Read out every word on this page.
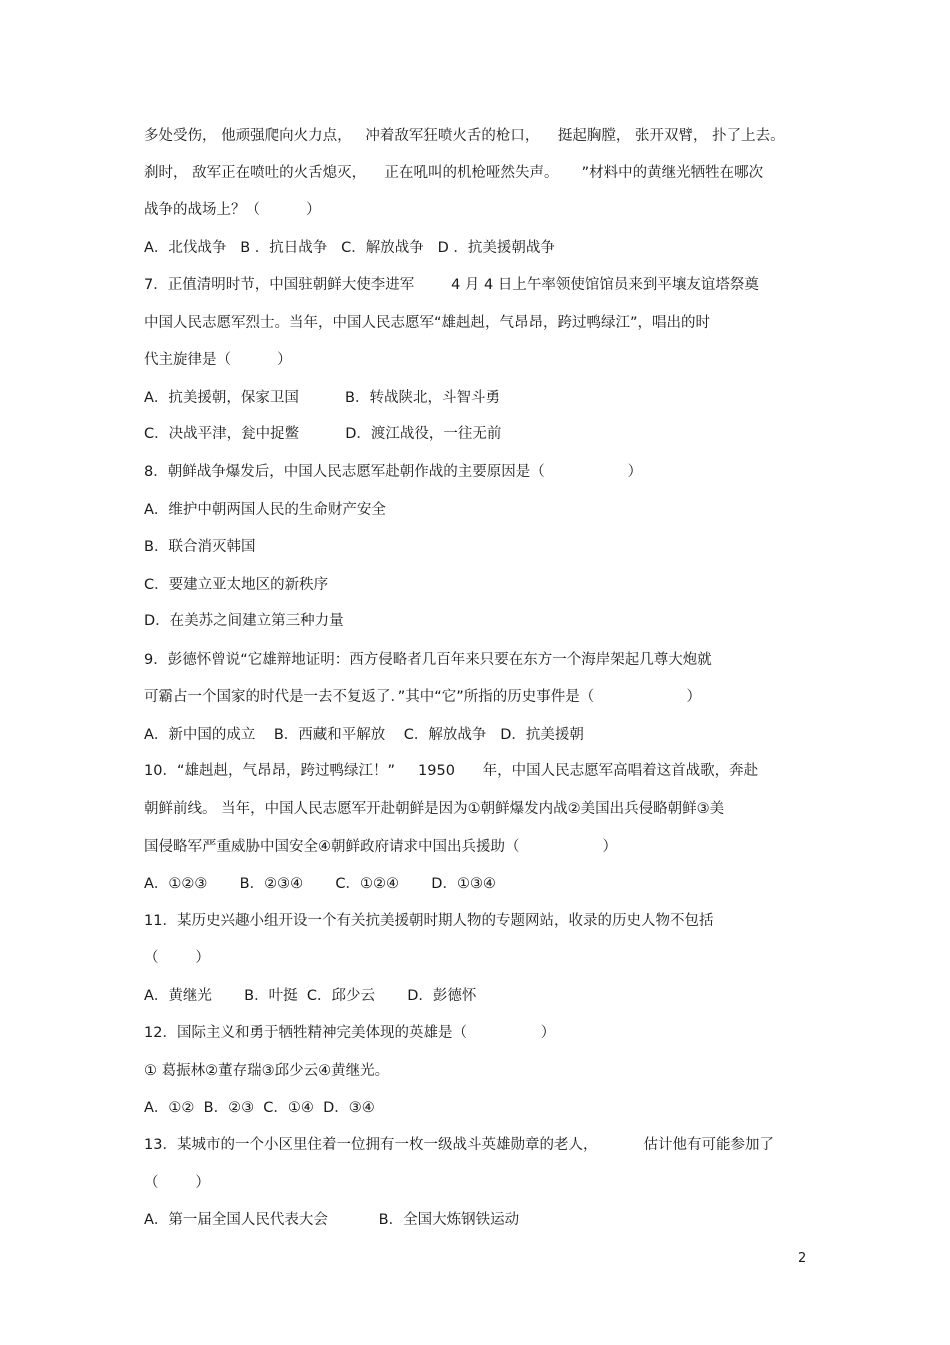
多处受伤， 他顽强爬向火力点，   冲着敌军狂喷火舌的枪口，    挺起胸膛， 张开双臂， 扑了上去。
刹时， 敌军正在喷吐的火舌熄灭，    正在吼叫的机枪哑然失声。     ”材料中的黄继光牺牲在哪次
战争的战场上？（          ）
A．北伐战争   B ．抗日战争   C．解放战争   D ．抗美援朝战争
7．正值清明时节，中国驻朝鲜大使李进军        4 月 4 日上午率领使馆馆员来到平壤友谊塔祭奠
中国人民志愿军烈士。当年，中国人民志愿军“雄赳赳，气昂昂，跨过鸭绿江”，唱出的时
代主旋律是（          ）
A．抗美援朝，保家卫国          B．转战陕北，斗智斗勇
C．决战平津，瓮中捉鳖          D．渡江战役，一往无前
8．朝鲜战争爆发后，中国人民志愿军赴朝作战的主要原因是（                  ）
A．维护中朝两国人民的生命财产安全
B．联合消灭韩国
C．要建立亚太地区的新秩序
D．在美苏之间建立第三种力量
9．彭德怀曾说“它雄辩地证明：西方侵略者几百年来只要在东方一个海岸架起几尊大炮就
可霸占一个国家的时代是一去不复返了．”其中“它”所指的历史事件是（                    ）
A．新中国的成立    B．西藏和平解放    C．解放战争   D．抗美援朝
10．“雄赳赳，气昂昂，跨过鸭绿江！”     1950      年，中国人民志愿军高唱着这首战歌，奔赴
朝鲜前线。 当年，中国人民志愿军开赴朝鲜是因为①朝鲜爆发内战②美国出兵侵略朝鲜③美
国侵略军严重威胁中国安全④朝鲜政府请求中国出兵援助（                  ）
A．①②③       B．②③④       C．①②④       D．①③④
11．某历史兴趣小组开设一个有关抗美援朝时期人物的专题网站，收录的历史人物不包括
（        ）
A．黄继光       B．叶挺  C．邱少云       D．彭德怀
12．国际主义和勇于牺牲精神完美体现的英雄是（                ）
① 葛振林②董存瑞③邱少云④黄继光。
A．①②  B．②③  C．①④  D．③④
13．某城市的一个小区里住着一位拥有一枚一级战斗英雄勋章的老人，          估计他有可能参加了
（        ）
A．第一届全国人民代表大会           B．全国大炼钢铁运动
2
